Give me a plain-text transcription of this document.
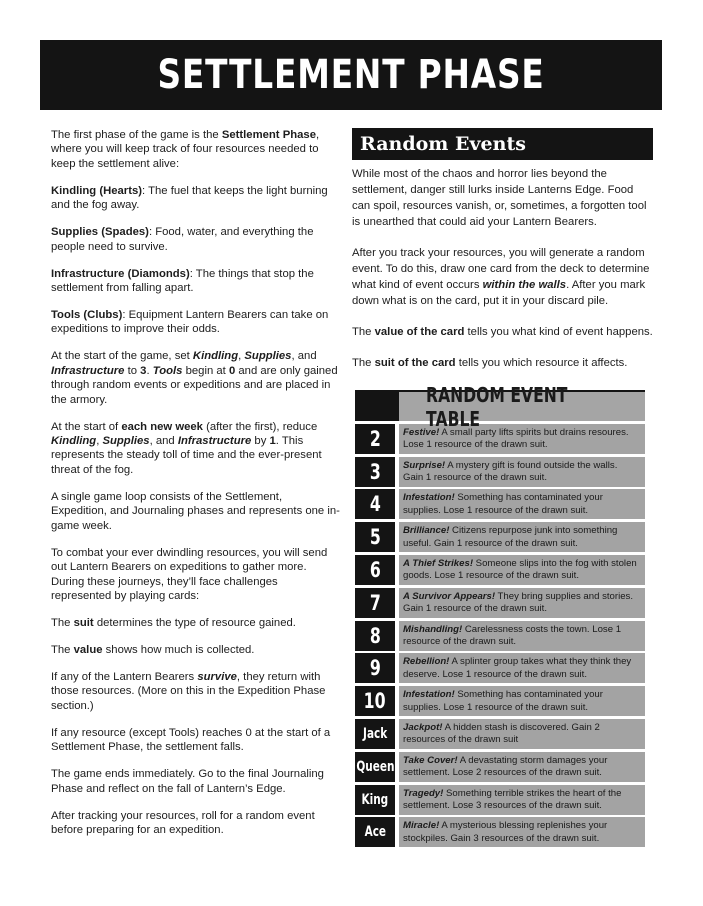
SETTLEMENT PHASE

The first phase of the game is the Settlement Phase, where you will keep track of four resources needed to keep the settlement alive:

Kindling (Hearts): The fuel that keeps the light burning and the fog away.

Supplies (Spades): Food, water, and everything the people need to survive.

Infrastructure (Diamonds): The things that stop the settlement from falling apart.

Tools (Clubs): Equipment Lantern Bearers can take on expeditions to improve their odds.

At the start of the game, set Kindling, Supplies, and Infrastructure to 3. Tools begin at 0 and are only gained through random events or expeditions and are placed in the armory.

At the start of each new week (after the first), reduce Kindling, Supplies, and Infrastructure by 1. This represents the steady toll of time and the ever-present threat of the fog.

A single game loop consists of the Settlement, Expedition, and Journaling phases and represents one in-game week.

To combat your ever dwindling resources, you will send out Lantern Bearers on expeditions to gather more. During these journeys, they’ll face challenges represented by playing cards:

The suit determines the type of resource gained.

The value shows how much is collected.

If any of the Lantern Bearers survive, they return with those resources. (More on this in the Expedition Phase section.)

If any resource (except Tools) reaches 0 at the start of a Settlement Phase, the settlement falls.

The game ends immediately. Go to the final Journaling Phase and reflect on the fall of Lantern’s Edge.

After tracking your resources, roll for a random event before preparing for an expedition.

Random Events

While most of the chaos and horror lies beyond the settlement, danger still lurks inside Lanterns Edge. Food can spoil, resources vanish, or, sometimes, a forgotten tool is unearthed that could aid your Lantern Bearers.

After you track your resources, you will generate a random event. To do this, draw one card from the deck to determine what kind of event occurs within the walls. After you mark down what is on the card, put it in your discard pile.

The value of the card tells you what kind of event happens.

The suit of the card tells you which resource it affects.

RANDOM EVENT TABLE
2	Festive! A small party lifts spirits but drains resoures. Lose 1 resource of the drawn suit.
3	Surprise! A mystery gift is found outside the walls. Gain 1 resource of the drawn suit.
4	Infestation! Something has contaminated your supplies. Lose 1 resource of the drawn suit.
5	Brilliance! Citizens repurpose junk into something useful. Gain 1 resource of the drawn suit.
6	A Thief Strikes! Someone slips into the fog with stolen goods. Lose 1 resource of the drawn suit.
7	A Survivor Appears! They bring supplies and stories. Gain 1 resource of the drawn suit.
8	Mishandling! Carelessness costs the town. Lose 1 resource of the drawn suit.
9	Rebellion! A splinter group takes what they think they deserve. Lose 1 resource of the drawn suit.
10	Infestation! Something has contaminated your supplies. Lose 1 resource of the drawn suit.
Jack	Jackpot! A hidden stash is discovered. Gain 2 resources of the drawn suit
Queen Take Cover! A devastating storm damages your settlement. Lose 2 resources of the drawn suit.
King	Tragedy! Something terrible strikes the heart of the settlement. Lose 3 resources of the drawn suit.
Ace	Miracle! A mysterious blessing replenishes your stockpiles. Gain 3 resources of the drawn suit.
